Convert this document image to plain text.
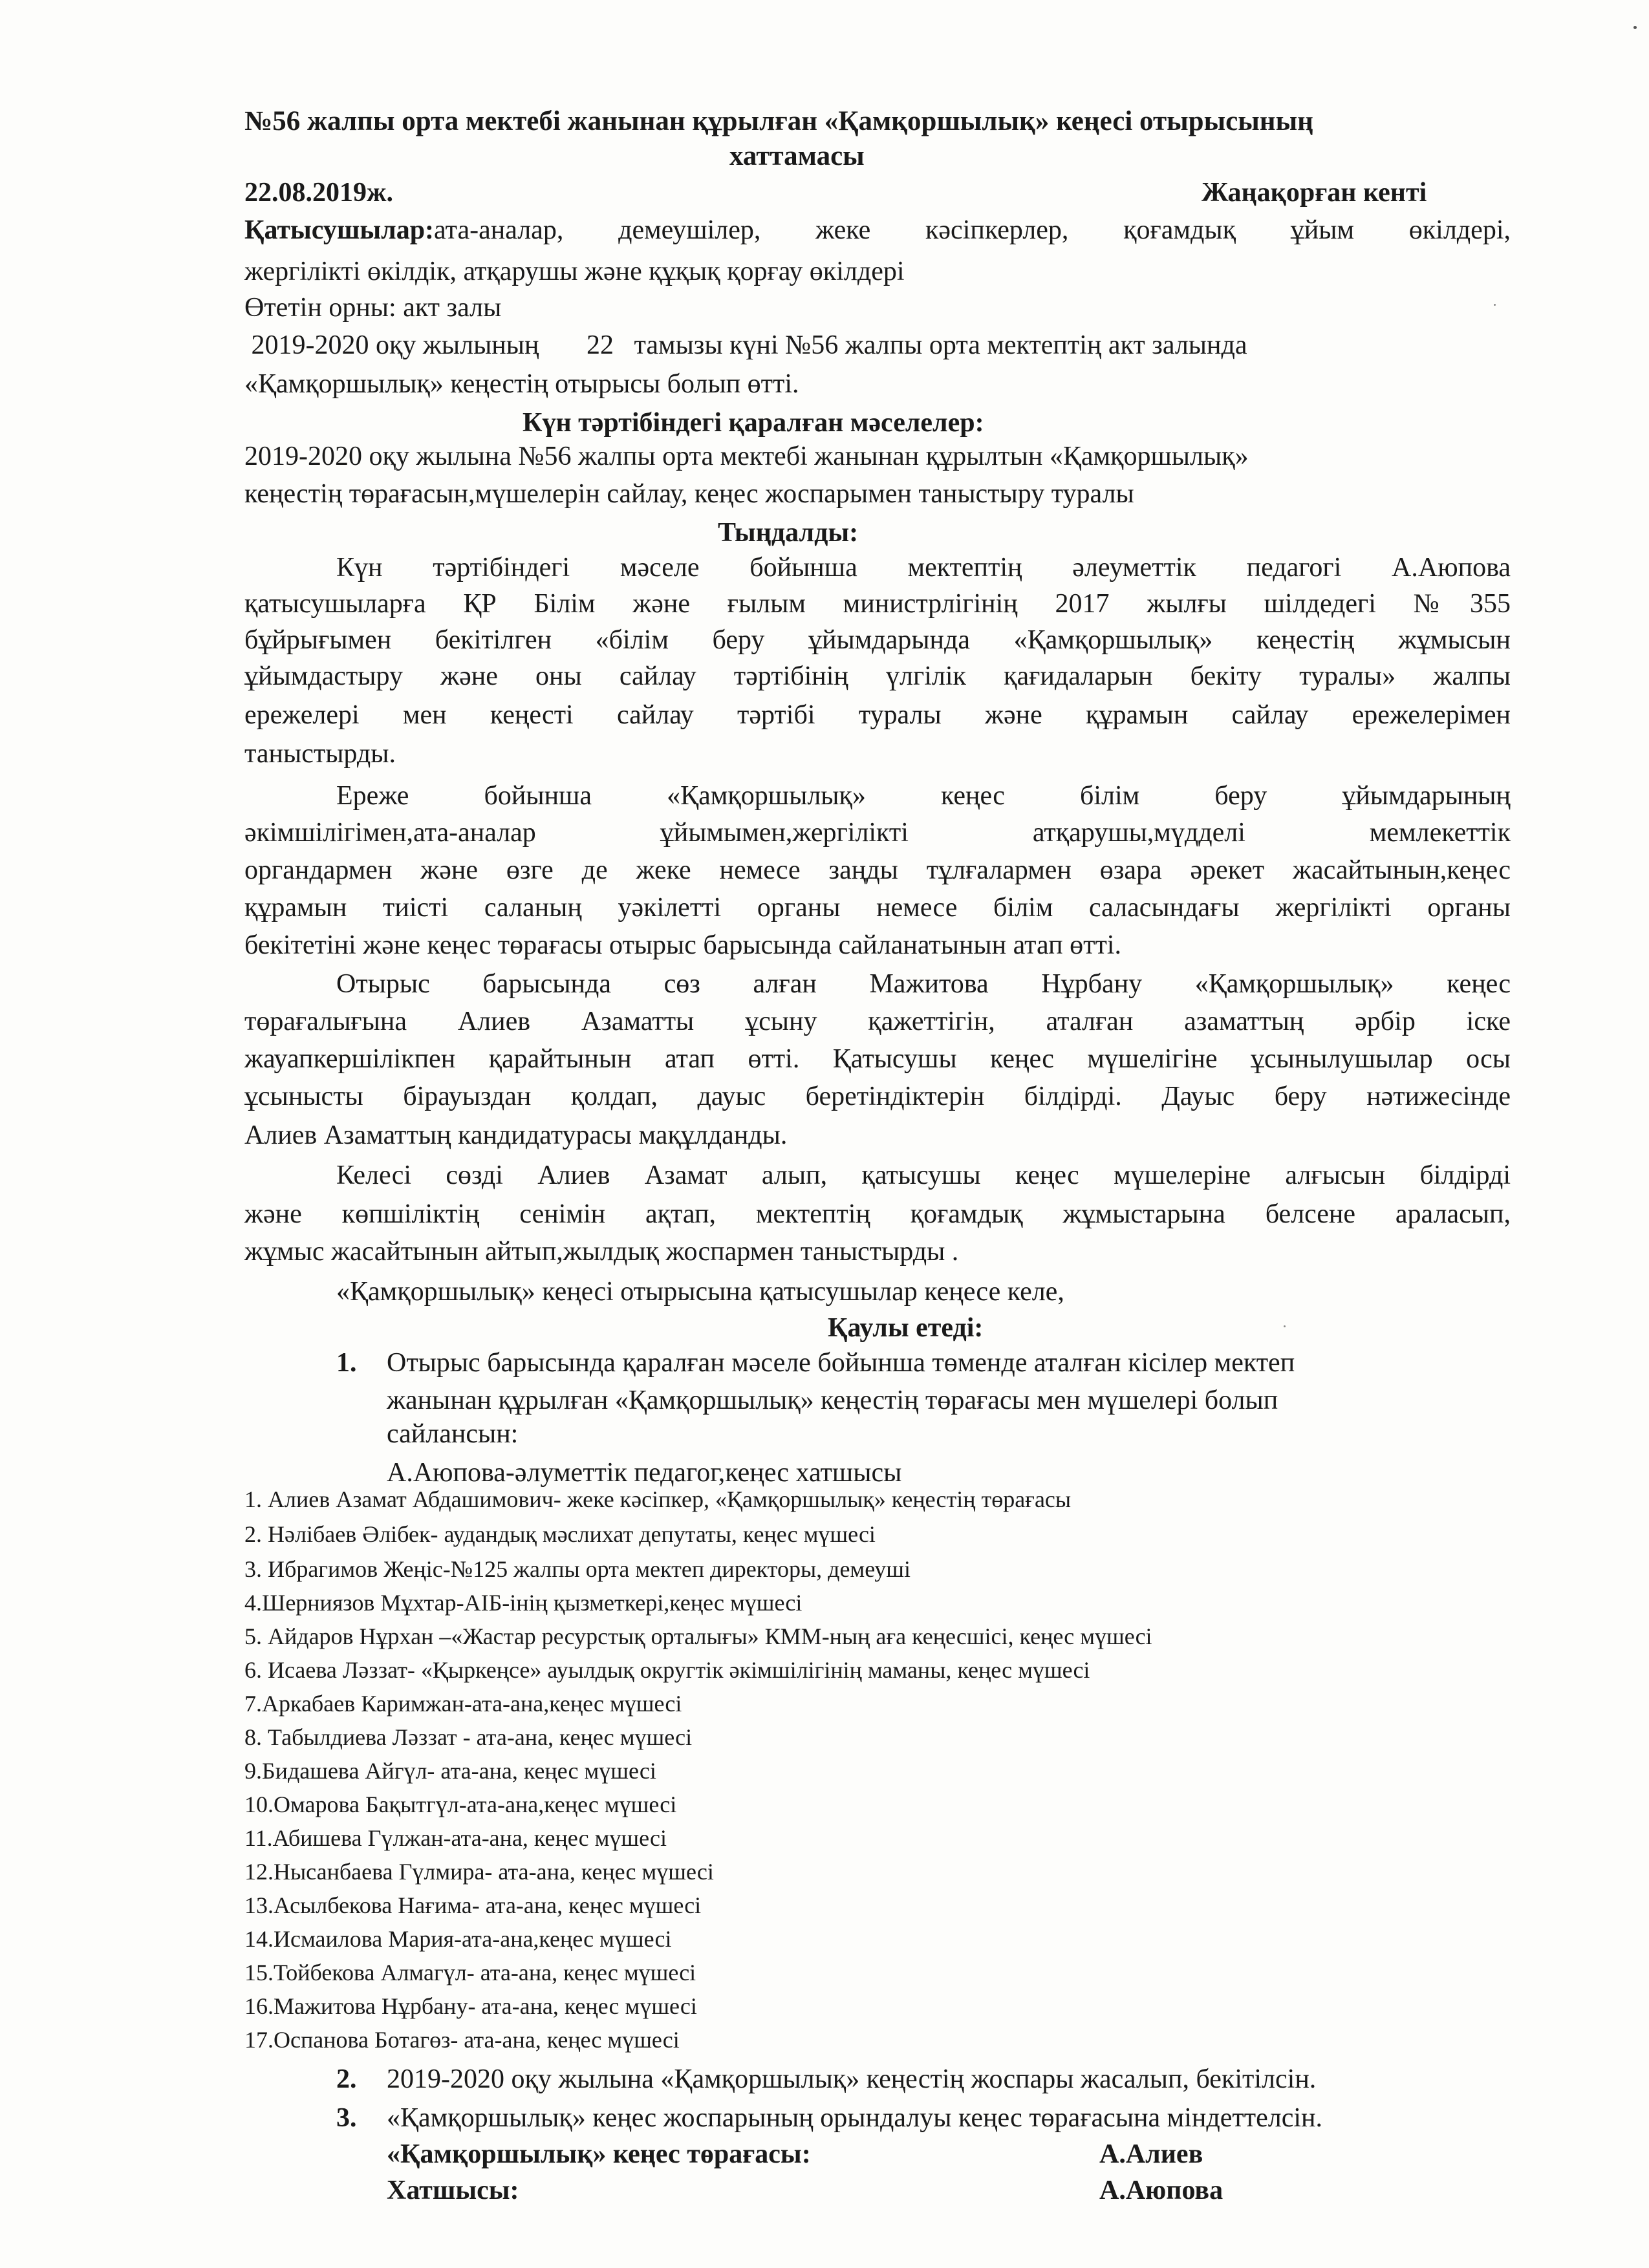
№56 жалпы орта мектебі жанынан құрылған «Қамқоршылық» кеңесі отырысының
хаттамасы
22.08.2019ж.	Жаңақорған кенті
Қатысушылар:ата-аналар, демеушілер, жеке кәсіпкерлер, қоғамдық ұйым өкілдері,
жергілікті өкілдік, атқарушы және құқық қорғау өкілдері
Өтетін орны: акт залы
2019-2020 оқу жылының       22   тамызы күні №56 жалпы орта мектептің акт залында
«Қамқоршылық» кеңестің отырысы болып өтті.
Күн тәртібіндегі қаралған мәселелер:
2019-2020 оқу жылына №56 жалпы орта мектебі жанынан құрылтын «Қамқоршылық»
кеңестің төрағасын,мүшелерін сайлау, кеңес жоспарымен таныстыру туралы
Тыңдалды:
Күн тәртібіндегі мәселе бойынша мектептің әлеуметтік педагогі А.Аюпова
қатысушыларға ҚР Білім және ғылым министрлігінің 2017 жылғы шілдедегі №355
бұйрығымен бекітілген «білім беру ұйымдарында «Қамқоршылық» кеңестің жұмысын
ұйымдастыру және оны сайлау тәртібінің үлгілік қағидаларын бекіту туралы» жалпы
ережелері мен кеңесті сайлау тәртібі туралы және құрамын сайлау ережелерімен
таныстырды.
Ереже бойынша «Қамқоршылық» кеңес білім беру ұйымдарының
әкімшілігімен,ата-аналар ұйымымен,жергілікті атқарушы,мүдделі мемлекеттік
органдармен және өзге де жеке немесе заңды тұлғалармен өзара әрекет жасайтынын,кеңес
құрамын тиісті саланың уәкілетті органы немесе білім саласындағы жергілікті органы
бекітетіні және кеңес төрағасы отырыс барысында сайланатынын атап өтті.
Отырыс барысында сөз алған Мажитова Нұрбану «Қамқоршылық» кеңес
төрағалығына Алиев Азаматты ұсыну қажеттігін, аталған азаматтың әрбір іске
жауапкершілікпен қарайтынын атап өтті. Қатысушы кеңес мүшелігіне ұсынылушылар осы
ұсынысты бірауыздан қолдап, дауыс беретіндіктерін білдірді. Дауыс беру нәтижесінде
Алиев Азаматтың кандидатурасы мақұлданды.
Келесі сөзді Алиев Азамат алып, қатысушы кеңес мүшелеріне алғысын білдірді
және көпшіліктің сенімін ақтап, мектептің қоғамдық жұмыстарына белсене араласып,
жұмыс жасайтынын айтып,жылдық жоспармен таныстырды .
«Қамқоршылық» кеңесі отырысына қатысушылар кеңесе келе,
Қаулы етеді:
1. Отырыс барысында қаралған мәселе бойынша төменде аталған кісілер мектеп
жанынан құрылған «Қамқоршылық» кеңестің төрағасы мен мүшелері болып
сайлансын:
А.Аюпова-әлуметтік педагог,кеңес хатшысы
1. Алиев Азамат Абдашимович- жеке кәсіпкер, «Қамқоршылық» кеңестің төрағасы
2. Нәлібаев Әлібек- аудандық мәслихат депутаты, кеңес мүшесі
3. Ибрагимов Жеңіс-№125 жалпы орта мектеп директоры, демеуші
4.Шерниязов Мұхтар-АІБ-інің қызметкері,кеңес мүшесі
5. Айдаров Нұрхан –«Жастар ресурстық орталығы» КММ-ның аға кеңесшісі, кеңес мүшесі
6. Исаева Ләззат- «Қыркеңсе» ауылдық округтік әкімшілігінің маманы, кеңес мүшесі
7.Аркабаев Каримжан-ата-ана,кеңес мүшесі
8. Табылдиева Ләззат - ата-ана, кеңес мүшесі
9.Бидашева Айгүл- ата-ана, кеңес мүшесі
10.Омарова Бақытгүл-ата-ана,кеңес мүшесі
11.Абишева Гүлжан-ата-ана, кеңес мүшесі
12.Нысанбаева Гүлмира- ата-ана, кеңес мүшесі
13.Асылбекова Нағима- ата-ана, кеңес мүшесі
14.Исмаилова Мария-ата-ана,кеңес мүшесі
15.Тойбекова Алмагүл- ата-ана, кеңес мүшесі
16.Мажитова Нұрбану- ата-ана, кеңес мүшесі
17.Оспанова Ботагөз- ата-ана, кеңес мүшесі
2. 2019-2020 оқу жылына «Қамқоршылық» кеңестің жоспары жасалып, бекітілсін.
3. «Қамқоршылық» кеңес жоспарының орындалуы кеңес төрағасына міндеттелсін.
«Қамқоршылық» кеңес төрағасы:	А.Алиев
Хатшысы:	А.Аюпова
